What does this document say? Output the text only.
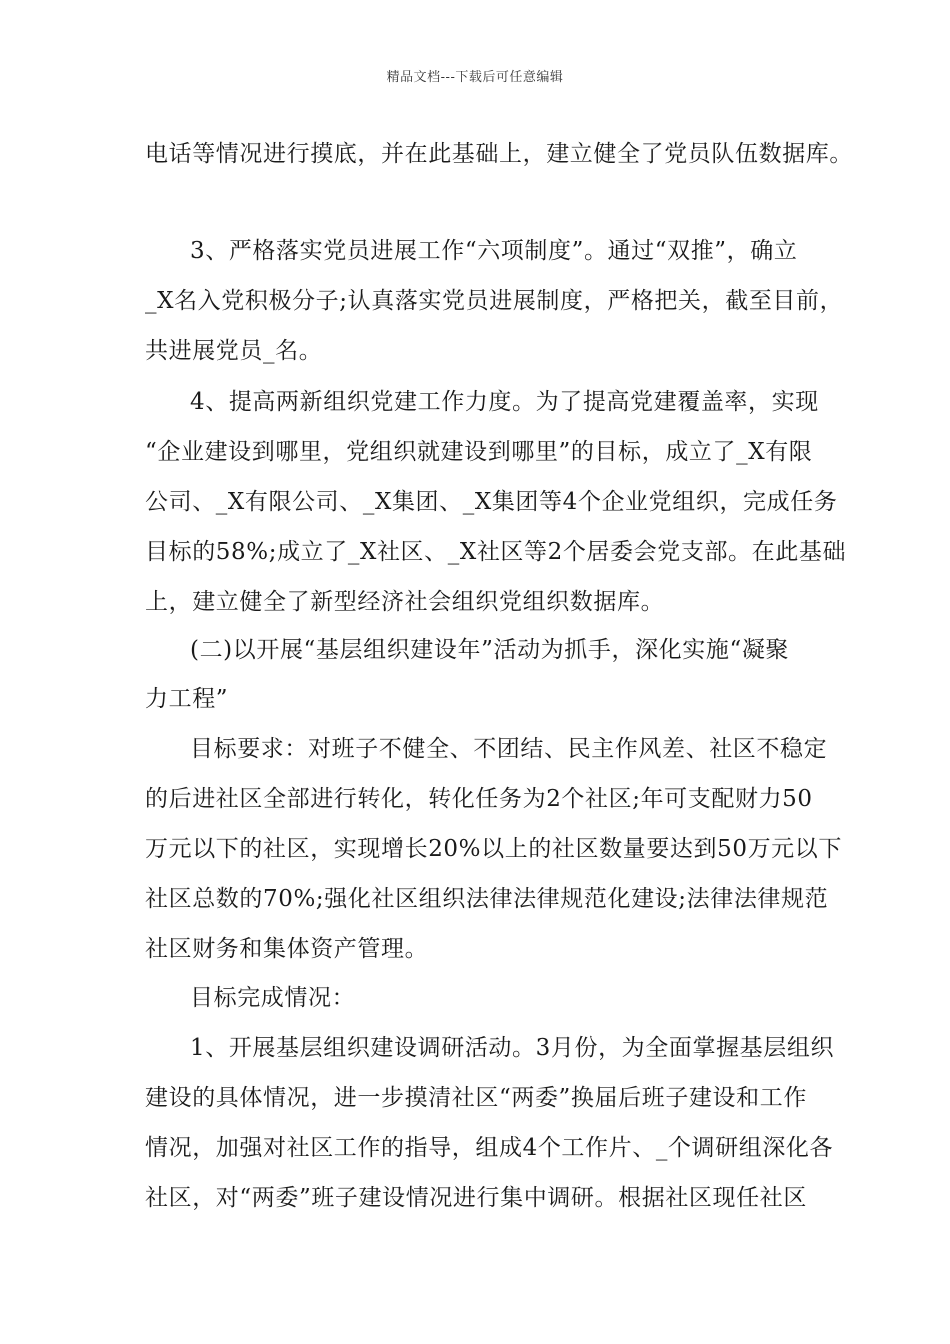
精品文档---下载后可任意编辑
电话等情况进行摸底，并在此基础上，建立健全了党员队伍数据库。
3、严格落实党员进展工作“六项制度”。通过“双推”，确立
_X名入党积极分子;认真落实党员进展制度，严格把关，截至目前，
共进展党员_名。
4、提高两新组织党建工作力度。为了提高党建覆盖率，实现
“企业建设到哪里，党组织就建设到哪里”的目标，成立了_X有限
公司、_X有限公司、_X集团、_X集团等4个企业党组织，完成任务
目标的58%;成立了_X社区、_X社区等2个居委会党支部。在此基础
上，建立健全了新型经济社会组织党组织数据库。
(二)以开展“基层组织建设年”活动为抓手，深化实施“凝聚
力工程”
目标要求：对班子不健全、不团结、民主作风差、社区不稳定
的后进社区全部进行转化，转化任务为2个社区;年可支配财力50
万元以下的社区，实现增长20%以上的社区数量要达到50万元以下
社区总数的70%;强化社区组织法律法律规范化建设;法律法律规范
社区财务和集体资产管理。
目标完成情况：
1、开展基层组织建设调研活动。3月份，为全面掌握基层组织
建设的具体情况，进一步摸清社区“两委”换届后班子建设和工作
情况，加强对社区工作的指导，组成4个工作片、_个调研组深化各
社区，对“两委”班子建设情况进行集中调研。根据社区现任社区
